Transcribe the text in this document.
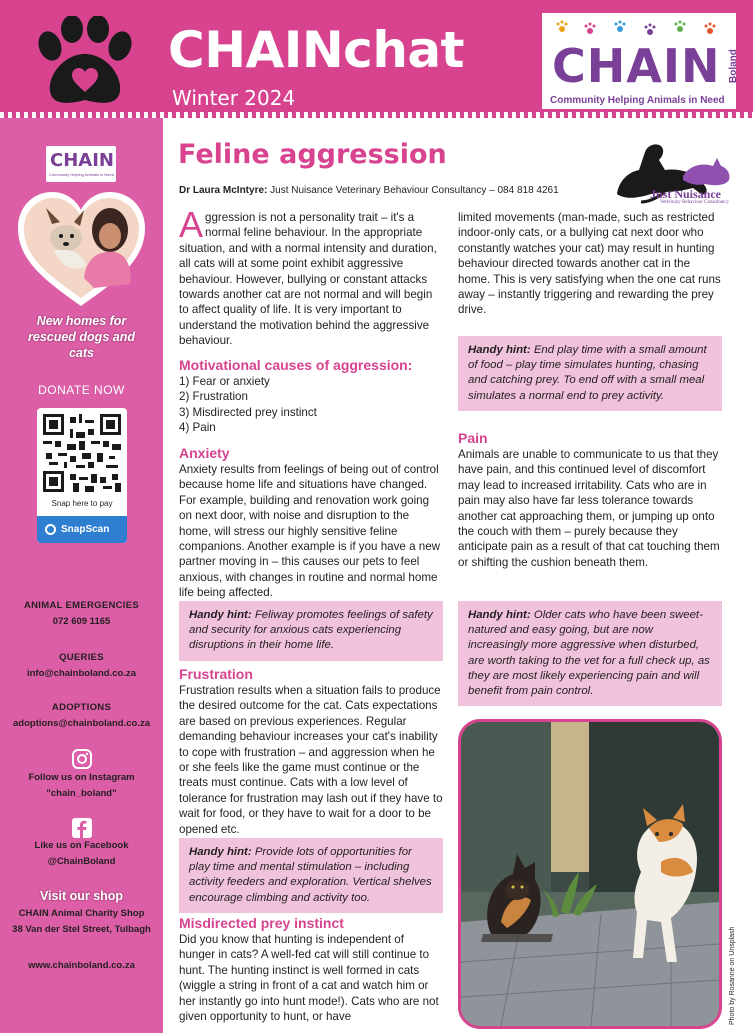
CHAINchat
Winter 2024
CHAIN Boland
Community Helping Animals in Need
CHAIN
Community Helping Animals in Need
New homes for rescued dogs and cats
DONATE NOW
Snap here to pay
SnapScan
ANIMAL EMERGENCIES
072 609 1165
QUERIES
info@chainboland.co.za
ADOPTIONS
adoptions@chainboland.co.za
Follow us on Instagram
"chain_boland"
Like us on Facebook
@ChainBoland
Visit our shop
CHAIN Animal Charity Shop
38 Van der Stel Street, Tulbagh
www.chainboland.co.za
Feline aggression
Dr Laura McIntyre: Just Nuisance Veterinary Behaviour Consultancy – 084 818 4261	Just Nuisance
Veterinary Behaviour Consultancy
A ggression is not a personality trait – it's a normal feline behaviour. In the appropriate situation, and with a normal intensity and duration, all cats will at some point exhibit aggressive behaviour. However, bullying or constant attacks towards another cat are not normal and will begin to affect quality of life. It is very important to understand the motivation behind the aggressive behaviour.
Motivational causes of aggression:
1) Fear or anxiety
2) Frustration
3) Misdirected prey instinct
4) Pain
Anxiety
Anxiety results from feelings of being out of control because home life and situations have changed. For example, building and renovation work going on next door, with noise and disruption to the home, will stress our highly sensitive feline companions. Another example is if you have a new partner moving in – this causes our pets to feel anxious, with changes in routine and normal home life being affected.
Handy hint: Feliway promotes feelings of safety and security for anxious cats experiencing disruptions in their home life.
Frustration
Frustration results when a situation fails to produce the desired outcome for the cat. Cats expectations are based on previous experiences. Regular demanding behaviour increases your cat's inability to cope with frustration – and aggression when he or she feels like the game must continue or the treats must continue. Cats with a low level of tolerance for frustration may lash out if they have to wait for food, or they have to wait for a door to be opened etc.
Handy hint: Provide lots of opportunities for play time and mental stimulation – including activity feeders and exploration. Vertical shelves encourage climbing and activity too.
Misdirected prey instinct
Did you know that hunting is independent of hunger in cats? A well-fed cat will still continue to hunt. The hunting instinct is well formed in cats (wiggle a string in front of a cat and watch him or her instantly go into hunt mode!). Cats who are not given opportunity to hunt, or have
limited movements (man-made, such as restricted indoor-only cats, or a bullying cat next door who constantly watches your cat) may result in hunting behaviour directed towards another cat in the home. This is very satisfying when the one cat runs away – instantly triggering and rewarding the prey drive.
Handy hint: End play time with a small amount of food – play time simulates hunting, chasing and catching prey. To end off with a small meal simulates a normal end to prey activity.
Pain
Animals are unable to communicate to us that they have pain, and this continued level of discomfort may lead to increased irritability. Cats who are in pain may also have far less tolerance towards another cat approaching them, or jumping up onto the couch with them – purely because they anticipate pain as a result of that cat touching them or shifting the cushion beneath them.
Handy hint: Older cats who have been sweet-natured and easy going, but are now increasingly more aggressive when disturbed, are worth taking to the vet for a full check up, as they are most likely experiencing pain and will benefit from pain control.
Photo by Rosanne on Unsplash
